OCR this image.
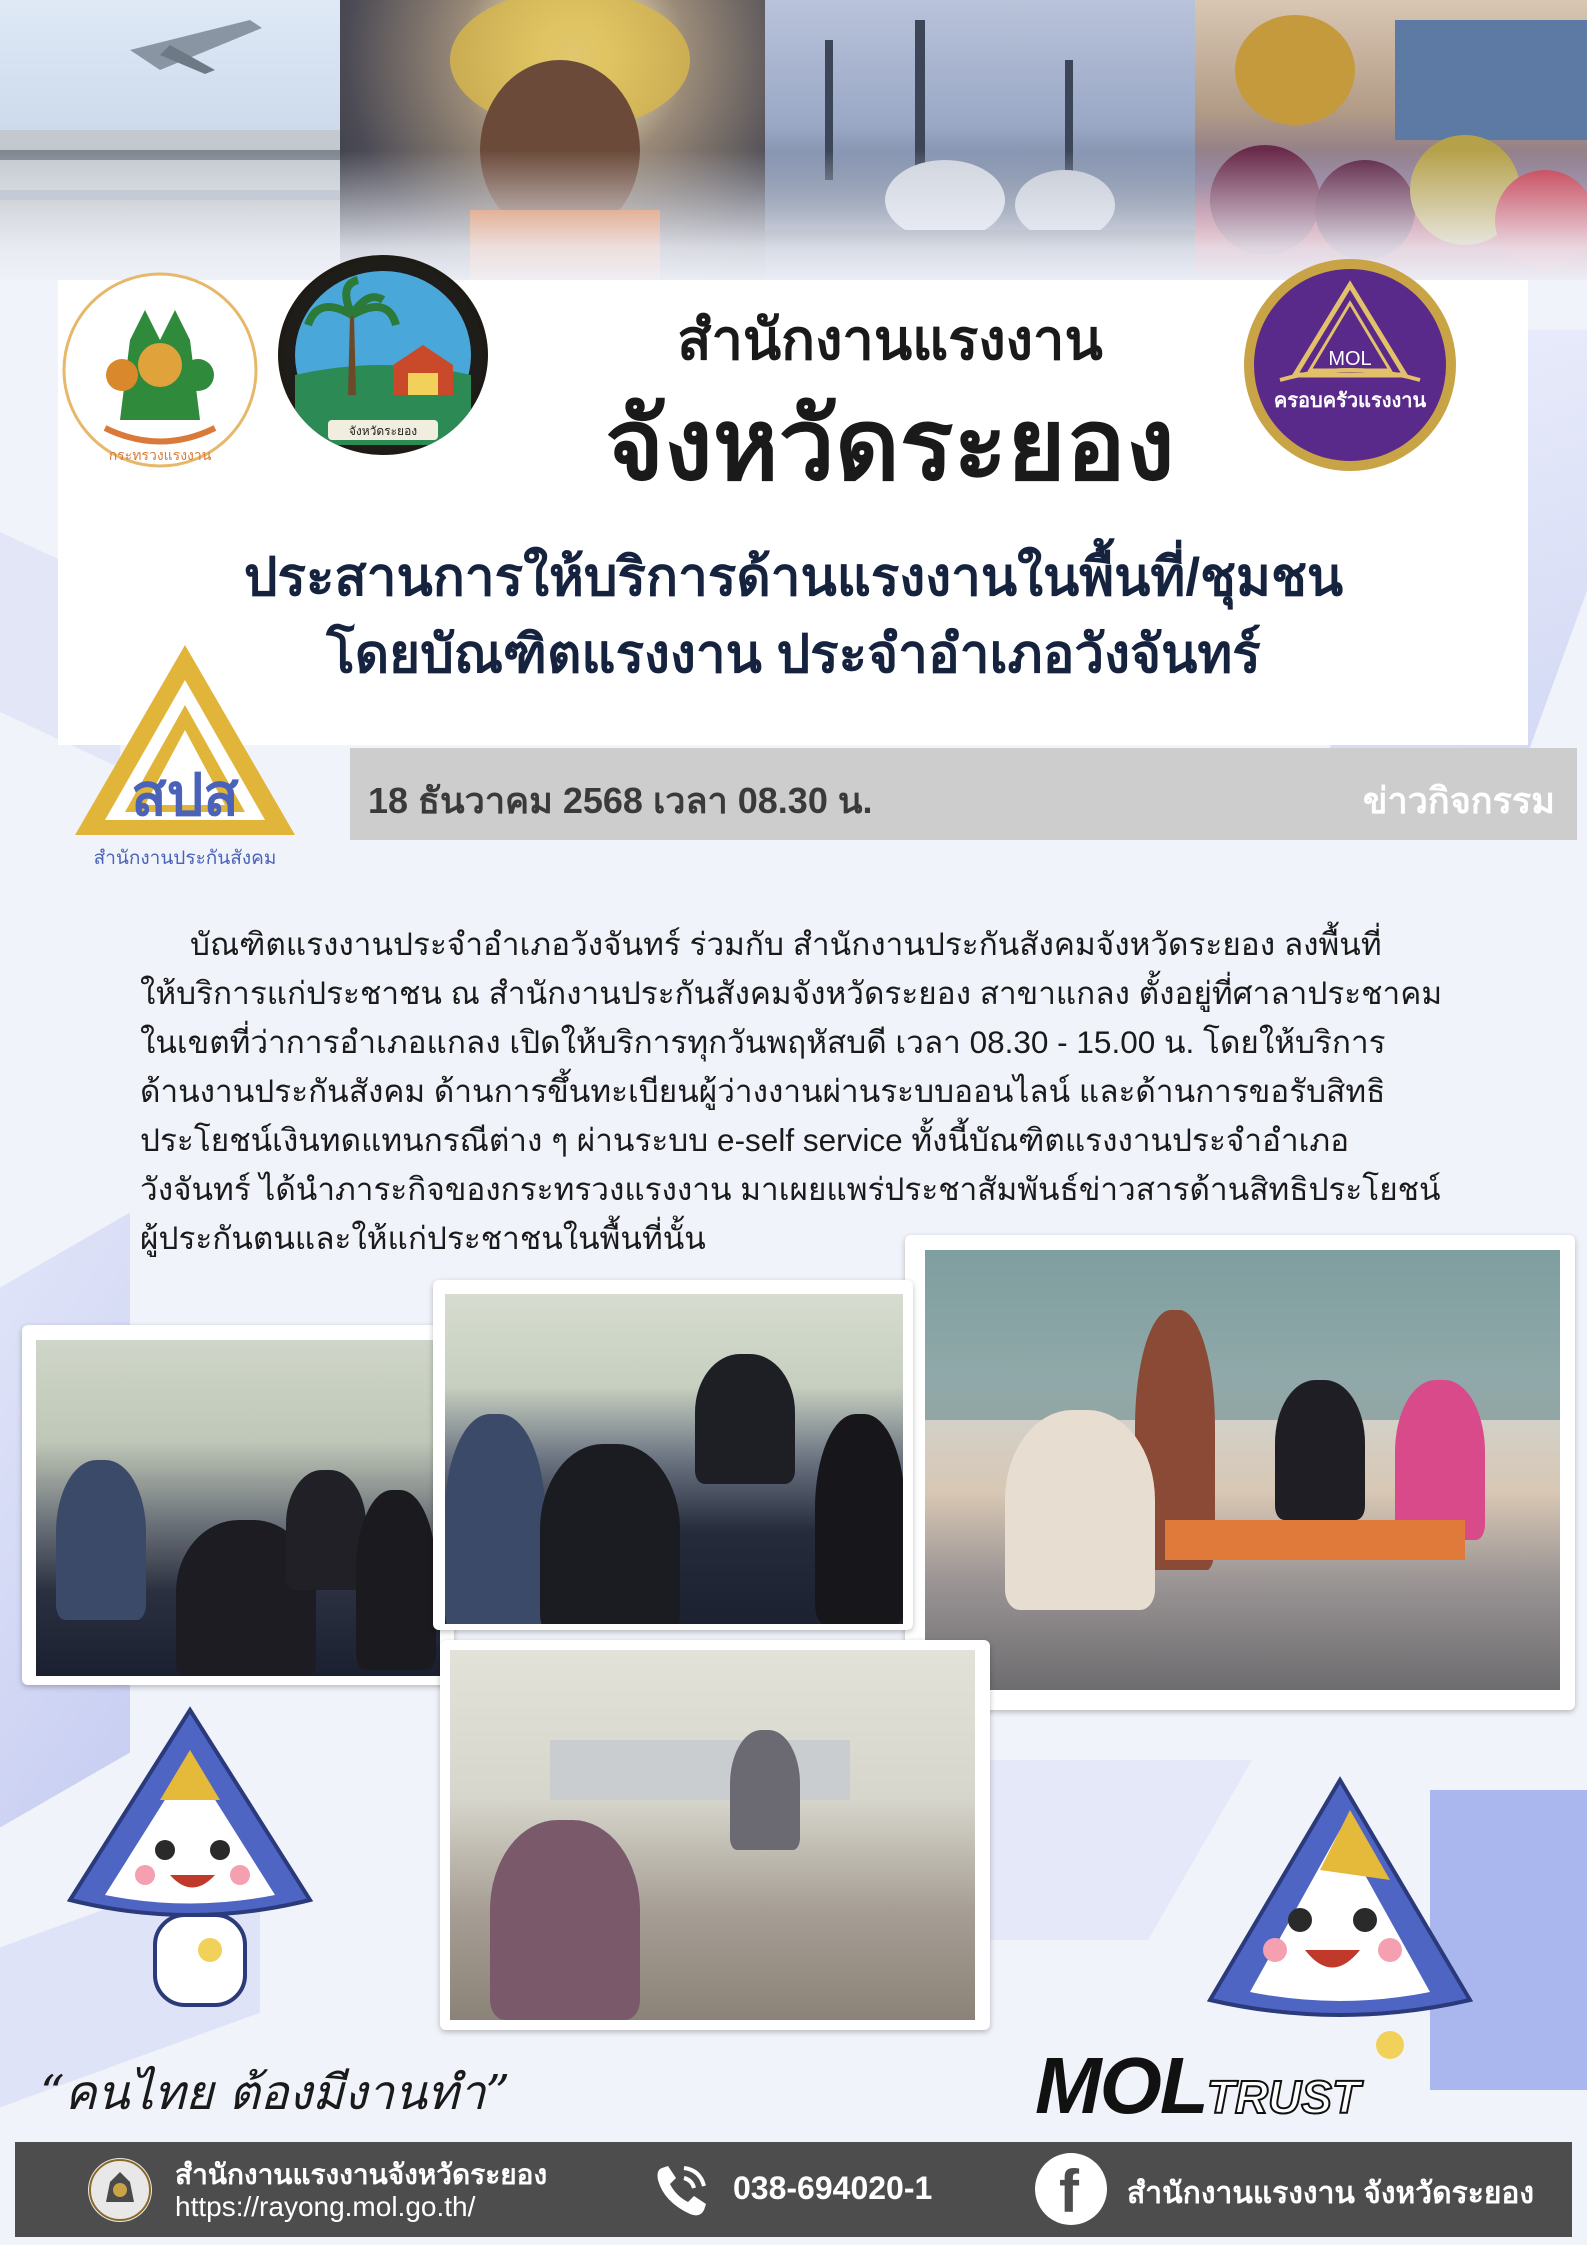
กระทรวงแรงงาน
จังหวัดระยอง
MOL
ครอบครัวแรงงาน
สำนักงานแรงงาน
จังหวัดระยอง
ประสานการให้บริการด้านแรงงานในพื้นที่/ชุมชน
โดยบัณฑิตแรงงาน ประจำอำเภอวังจันทร์
สปส
สำนักงานประกันสังคม
18 ธันวาคม 2568 เวลา 08.30 น.	ข่าวกิจกรรม
บัณฑิตแรงงานประจำอำเภอวังจันทร์ ร่วมกับ สำนักงานประกันสังคมจังหวัดระยอง ลงพื้นที่
ให้บริการแก่ประชาชน ณ สำนักงานประกันสังคมจังหวัดระยอง สาขาแกลง ตั้งอยู่ที่ศาลาประชาคม
ในเขตที่ว่าการอำเภอแกลง เปิดให้บริการทุกวันพฤหัสบดี เวลา 08.30 - 15.00 น. โดยให้บริการ
ด้านงานประกันสังคม ด้านการขึ้นทะเบียนผู้ว่างงานผ่านระบบออนไลน์ และด้านการขอรับสิทธิ
ประโยชน์เงินทดแทนกรณีต่าง ๆ ผ่านระบบ e-self service ทั้งนี้บัณฑิตแรงงานประจำอำเภอ
วังจันทร์ ได้นำภาระกิจของกระทรวงแรงงาน มาเผยแพร่ประชาสัมพันธ์ข่าวสารด้านสิทธิประโยชน์
ผู้ประกันตนและให้แก่ประชาชนในพื้นที่นั้น
“คนไทย ต้องมีงานทำ”	MOLTRUST
สำนักงานแรงงานจังหวัดระยอง
https://rayong.mol.go.th/
038-694020-1 f สำนักงานแรงงาน จังหวัดระยอง
